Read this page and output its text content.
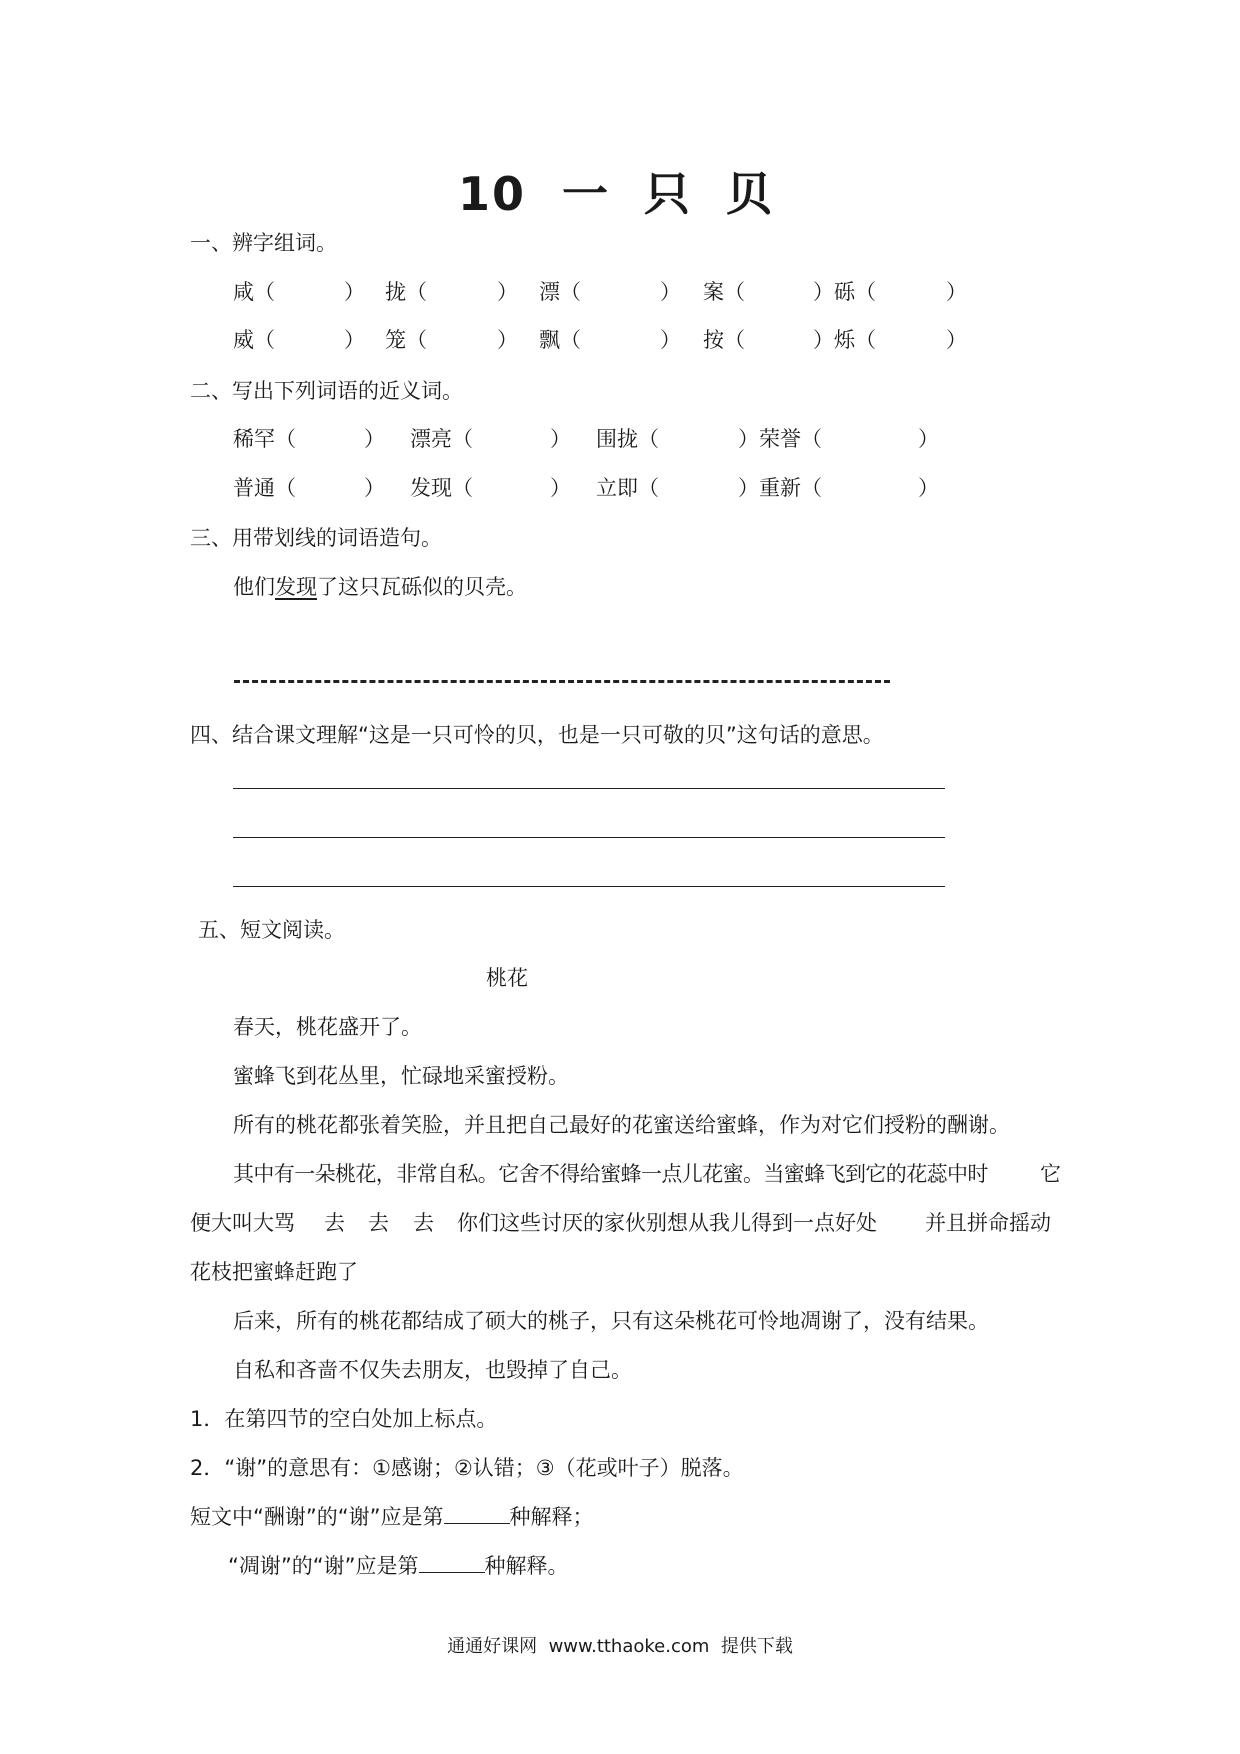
10 一 只 贝
一、辨字组词。
咸（	） 拢（	） 漂（	） 案（	）砾（	）
威（	） 笼（	） 飘（	） 按（	）烁（	）
二、写出下列词语的近义词。
稀罕（	） 漂亮（	） 围拢（	）荣誉（	）
普通（	） 发现（	） 立即（	）重新（	）
三、用带划线的词语造句。
他们发现了这只瓦砾似的贝壳。
四、结合课文理解“这是一只可怜的贝，也是一只可敬的贝”这句话的意思。
五、短文阅读。
桃花
春天，桃花盛开了。
蜜蜂飞到花丛里，忙碌地采蜜授粉。
所有的桃花都张着笑脸，并且把自己最好的花蜜送给蜜蜂，作为对它们授粉的酬谢。
其中有一朵桃花，非常自私。它舍不得给蜜蜂一点儿花蜜。当蜜蜂飞到它的花蕊中时 它
便大叫大骂 去 去 去 你们这些讨厌的家伙别想从我儿得到一点好处 并且拼命摇动
花枝把蜜蜂赶跑了
后来，所有的桃花都结成了硕大的桃子，只有这朵桃花可怜地凋谢了，没有结果。
自私和吝啬不仅失去朋友，也毁掉了自己。
1．在第四节的空白处加上标点。
2．“谢”的意思有：①感谢；②认错；③（花或叶子）脱落。
短文中“酬谢”的“谢”应是第	种解释；
“凋谢”的“谢”应是第	种解释。
通通好课网  www.tthaoke.com  提供下载
